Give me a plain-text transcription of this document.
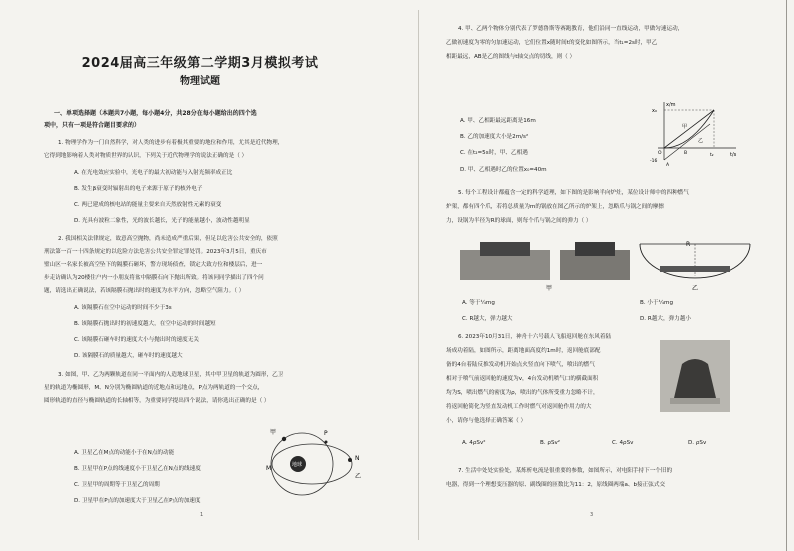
2024届高三年级第二学期3月模拟考试
物理试题
一、单项选择题（本题共7小题，每小题4分，共28分在每小题给出的四个选
项中，只有一项是符合题目要求的）
1. 物理学作为一门自然科学，对人类的进步有着极其重要的地位和作用，尤其是近代物理，
它得到地影响着人类对物质世界的认识，下列关于近代物理学的说法正确的是（ ）
A. 在光电效应实验中，光电子的最大初动能与入射光频率成正比
B. 发生β衰变时辐射出的电子来源于原子的核外电子
C. 两已建成的核电站的能量主要来自天然放射性元素的衰变
D. 光具有波粒二象性，光的波长越长，光子的能量越小，波动性越明显
2. 我国相关法律规定，故意高空抛物，尚未造成严重后果，但足以危害公共安全的，依照
刑法第一百一十四条规定的以危险方法危害公共安全罪定罪处罚。2023年3月5日，重庆市
璧山区一名家长被高空坠下的隔膜石砸坏，警方现场侦查，锁定大致方位和楼层后，进一
步走访确认为20楼住户内一小朋友将盆中隔膜石向下抛出所致。将该问同学描出了四个问
题，请选出正确说法，若该隔膜石抛出时的速度为水平方向，忽略空气阻力。（ ）
A. 该隔膜石在空中运动的时间不少于3s
B. 该隔膜石抛出时的初速度越大，在空中运动的时间越短
C. 该隔膜石砸车时的速度大小与抛出时的速度无关
D. 该隔膜石的质量越大，砸车时的速度越大
3. 如图，甲、乙为两颗轨道在同一平面内的人造地球卫星，其中甲卫星的轨道为圆形，乙卫
星的轨道为椭圆形，M、N分别为椭圆轨道的近地点和远地点，P点为两轨道的一个交点，
圆形轨道的直径与椭圆轨道的长轴相等，为重要同学提出四个说法，请你选出正确的是（ ）
A. 卫星乙在M点的动能小于在N点的动能
B. 卫星甲在P点的线速度小于卫星乙在N点的线速度
C. 卫星甲的周期等于卫星乙的周期
D. 卫星甲在P点的加速度大于卫星乙在P点的加速度
地球
甲	P
M
N
乙
1
4. 甲、乙两个物体分别代表了罗德鲁斯等赛跑教育，他们沿同一直线运动，甲做匀速运动，
乙做初速度为零的匀加速运动，它们位置x随时间t的变化如图所示，当t₁=2s时，甲乙
相距最远，AB是乙的图线与t轴交点的切线，则（ ）
A. 甲、乙相距最远距离是16m
B. 乙的加速度大小是2m/s²
C. 在t₂=5s时，甲、乙相遇
D. 甲、乙相遇时乙的位置x₀=40m
x/m
t/s
x₀
甲
乙
O	B	t₂
-16
A
5. 每个工程设计都蕴含一定的科学道理，如下图的是影响半向炉灶，某位设计师中的四种燃气
炉架，都有四个爪，若将总质量为m的锅放在图乙所示的炉架上，忽略爪与锅之间的摩擦
力，设锅为半径为R的球面，则每个爪与锅之间的弹力（ ）
R
甲	乙
A. 等于¼mg	B. 小于¼mg
C. R越大，弹力越大	D. R越大，弹力越小
6. 2023年10月31日，神舟十六号载人飞船返回舱在东风着陆
场成功着陆，如图所示，距离地面高度约1m时，返回舱底部配
备的4台着陆反推发动机开始点火竖直向下喷气，喷出的燃气
相对于喷气前返回舱的速度为v，4台发动机喷气口的横截面积
均为S，喷出燃气的密度为ρ，喷出的气体所受重力忽略不计，
将返回舱简化为竖直发动机工作时燃气对返回舱作用力的大
小，请你与他选择正确答案（ ）
A. 4ρSv²	B. ρSv²	C. 4ρSv	D. ρSv
7. 生活中处处实验处，某炼析电流是很重要的参数，如图所示，对电阳手持下一个旧的
电器，得到一个理想变压器的原、副线圈的匝数比为11：2，原线圈两端a、b接正弦式交
3
